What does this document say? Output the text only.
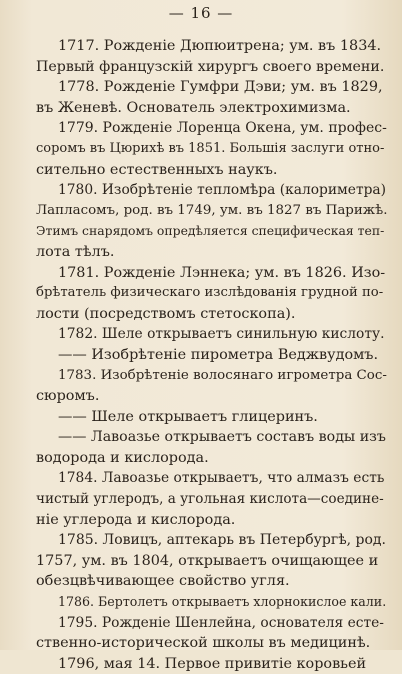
— 16 —
1717. Рожденіе Дюпюитрена; ум. въ 1834.
Первый французскій хирургъ своего времени.
1778. Рожденіе Гумфри Дэви; ум. въ 1829,
въ Женевѣ. Основатель электрохимизма.
1779. Рожденіе Лоренца Окена, ум. профес-
соромъ въ Цюрихѣ въ 1851. Большія заслуги отно-
сительно естественныхъ наукъ.
1780. Изобрѣтеніе тепломѣра (калориметра)
Лапласомъ, род. въ 1749, ум. въ 1827 въ Парижѣ.
Этимъ снарядомъ опредѣляется специфическая теп-
лота тѣлъ.
1781. Рожденіе Лэннека; ум. въ 1826. Изо-
брѣтатель физическаго изслѣдованія грудной по-
лости (посредствомъ стетоскопа).
1782. Шеле открываетъ синильную кислоту.
—— Изобрѣтеніе пирометра Веджвудомъ.
1783. Изобрѣтеніе волосянаго игрометра Сос-
сюромъ.
—— Шеле открываетъ глицеринъ.
—— Лавоазье открываетъ составъ воды изъ
водорода и кислорода.
1784. Лавоазье открываетъ, что алмазъ есть
чистый углеродъ, а угольная кислота—соедине-
ніе углерода и кислорода.
1785. Ловицъ, аптекарь въ Петербургѣ, род.
1757, ум. въ 1804, открываетъ очищающее и
обезцвѣчивающее свойство угля.
1786. Бертолетъ открываетъ хлорнокислое кали.
1795. Рожденіе Шенлейна, основателя есте-
ственно-исторической школы въ медицинѣ.
1796, мая 14. Первое привитіе коровьей
